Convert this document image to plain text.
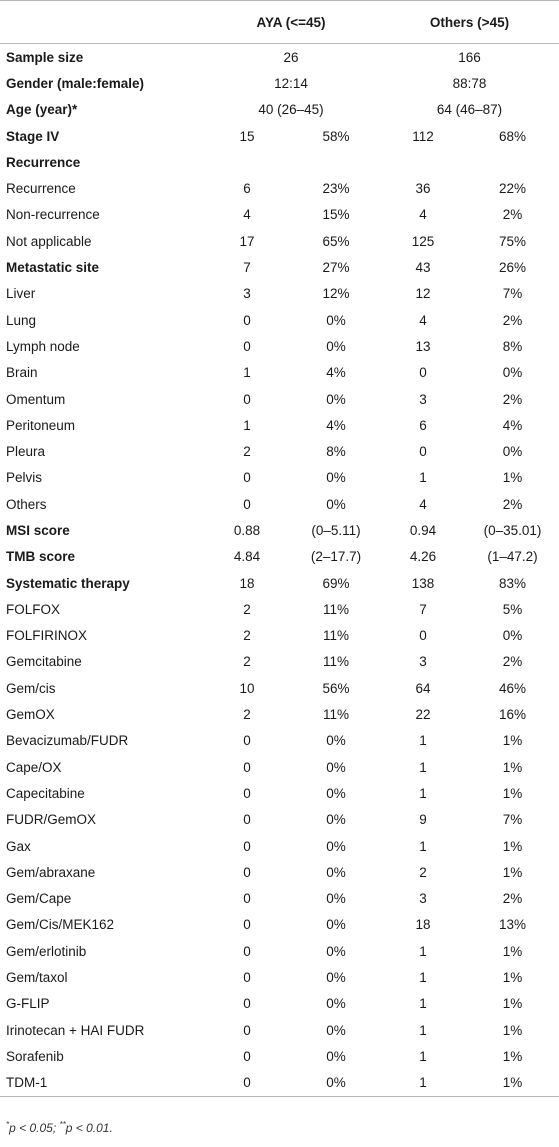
	AYA (<=45)		Others (>45)	
Sample size	26		166	
Gender (male:female)	12:14		88:78	
Age (year)*	40 (26–45)		64 (46–87)	
Stage IV	15	58%	112	68%
Recurrence				
Recurrence	6	23%	36	22%
Non-recurrence	4	15%	4	2%
Not applicable	17	65%	125	75%
Metastatic site	7	27%	43	26%
Liver	3	12%	12	7%
Lung	0	0%	4	2%
Lymph node	0	0%	13	8%
Brain	1	4%	0	0%
Omentum	0	0%	3	2%
Peritoneum	1	4%	6	4%
Pleura	2	8%	0	0%
Pelvis	0	0%	1	1%
Others	0	0%	4	2%
MSI score	0.88	(0–5.11)	0.94	(0–35.01)
TMB score	4.84	(2–17.7)	4.26	(1–47.2)
Systematic therapy	18	69%	138	83%
FOLFOX	2	11%	7	5%
FOLFIRINOX	2	11%	0	0%
Gemcitabine	2	11%	3	2%
Gem/cis	10	56%	64	46%
GemOX	2	11%	22	16%
Bevacizumab/FUDR	0	0%	1	1%
Cape/OX	0	0%	1	1%
Capecitabine	0	0%	1	1%
FUDR/GemOX	0	0%	9	7%
Gax	0	0%	1	1%
Gem/abraxane	0	0%	2	1%
Gem/Cape	0	0%	3	2%
Gem/Cis/MEK162	0	0%	18	13%
Gem/erlotinib	0	0%	1	1%
Gem/taxol	0	0%	1	1%
G-FLIP	0	0%	1	1%
Irinotecan + HAI FUDR	0	0%	1	1%
Sorafenib	0	0%	1	1%
TDM-1	0	0%	1	1%
*p < 0.05; **p < 0.01.
